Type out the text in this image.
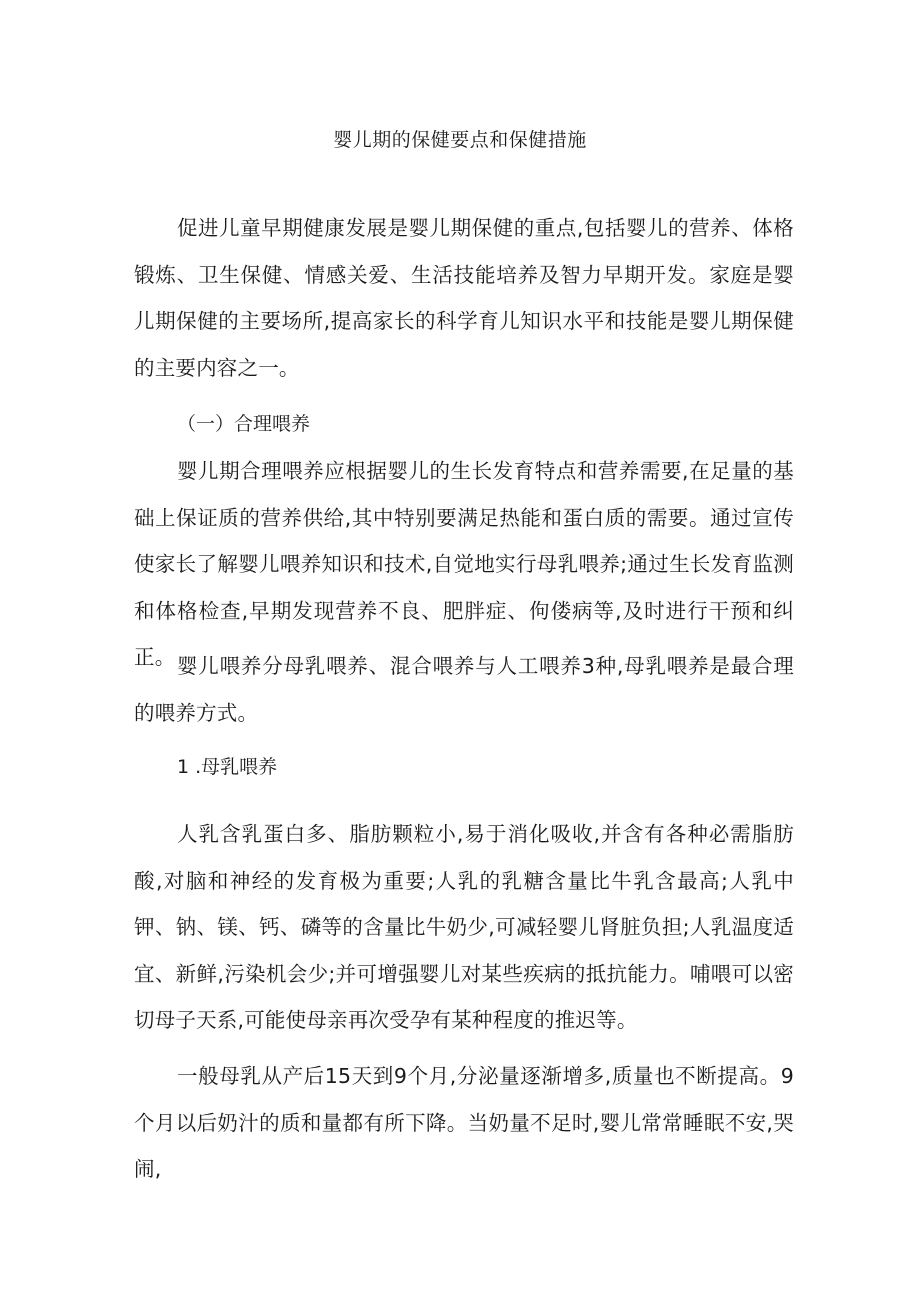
婴儿期的保健要点和保健措施

促进儿童早期健康发展是婴儿期保健的重点,包括婴儿的营养、体格锻炼、卫生保健、情感关爱、生活技能培养及智力早期开发。家庭是婴儿期保健的主要场所,提高家长的科学育儿知识水平和技能是婴儿期保健的主要内容之一。

（一）合理喂养

婴儿期合理喂养应根据婴儿的生长发育特点和营养需要,在足量的基础上保证质的营养供给,其中特别要满足热能和蛋白质的需要。通过宣传使家长了解婴儿喂养知识和技术,自觉地实行母乳喂养;通过生长发育监测和体格检查,早期发现营养不良、肥胖症、佝偻病等,及时进行干预和纠正。 婴儿喂养分母乳喂养、混合喂养与人工喂养3种,母乳喂养是最合理的喂养方式。

1 .母乳喂养

人乳含乳蛋白多、脂肪颗粒小,易于消化吸收,并含有各种必需脂肪酸,对脑和神经的发育极为重要;人乳的乳糖含量比牛乳含最高;人乳中钾、钠、镁、钙、磷等的含量比牛奶少,可减轻婴儿肾脏负担;人乳温度适宜、新鲜,污染机会少;并可增强婴儿对某些疾病的抵抗能力。哺喂可以密切母子天系,可能使母亲再次受孕有某种程度的推迟等。

一般母乳从产后15天到9个月,分泌量逐渐增多,质量也不断提高。9个月以后奶汁的质和量都有所下降。当奶量不足时,婴儿常常睡眠不安,哭闹,
